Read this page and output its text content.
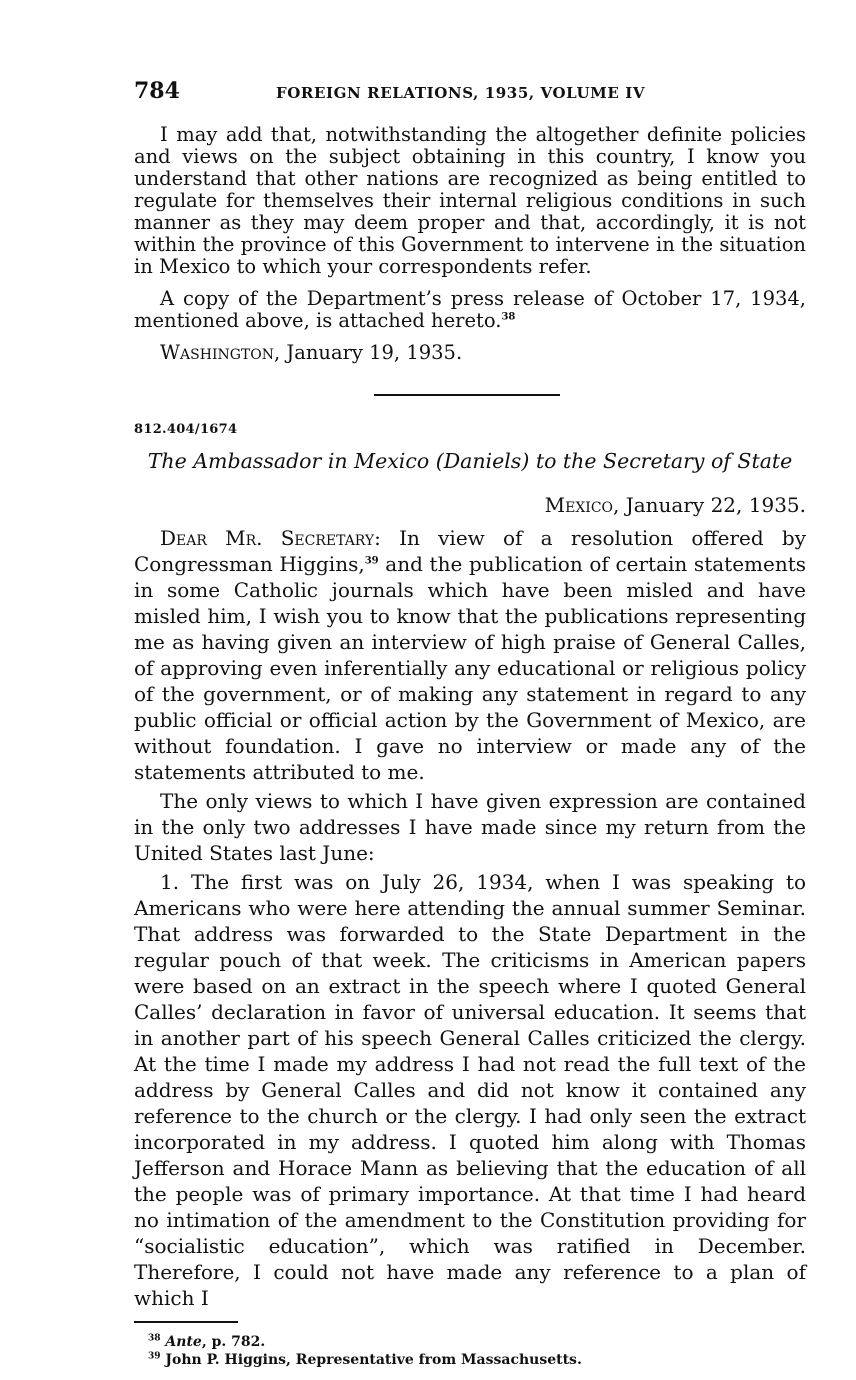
784	FOREIGN RELATIONS, 1935, VOLUME IV

I may add that, notwithstanding the altogether definite policies and views on the subject obtaining in this country, I know you understand that other nations are recognized as being entitled to regulate for themselves their internal religious conditions in such manner as they may deem proper and that, accordingly, it is not within the province of this Government to intervene in the situation in Mexico to which your correspondents refer.

A copy of the Department’s press release of October 17, 1934, mentioned above, is attached hereto.$^{38}$

Washington, January 19, 1935.

812.404/1674
The Ambassador in Mexico (Daniels) to the Secretary of State
Mexico, January 22, 1935.

Dear Mr. Secretary: In view of a resolution offered by Congressman Higgins,$^{39}$ and the publication of certain statements in some Catholic journals which have been misled and have misled him, I wish you to know that the publications representing me as having given an interview of high praise of General Calles, of approving even inferentially any educational or religious policy of the government, or of making any statement in regard to any public official or official action by the Government of Mexico, are without foundation. I gave no interview or made any of the statements attributed to me.

The only views to which I have given expression are contained in the only two addresses I have made since my return from the United States last June:

1. The first was on July 26, 1934, when I was speaking to Americans who were here attending the annual summer Seminar. That address was forwarded to the State Department in the regular pouch of that week. The criticisms in American papers were based on an extract in the speech where I quoted General Calles’ declaration in favor of universal education. It seems that in another part of his speech General Calles criticized the clergy. At the time I made my address I had not read the full text of the address by General Calles and did not know it contained any reference to the church or the clergy. I had only seen the extract incorporated in my address. I quoted him along with Thomas Jefferson and Horace Mann as believing that the education of all the people was of primary importance. At that time I had heard no intimation of the amendment to the Constitution providing for “socialistic education”, which was ratified in December. Therefore, I could not have made any reference to a plan of which I

$^{38}$ Ante, p. 782.
$^{39}$ John P. Higgins, Representative from Massachusetts.
